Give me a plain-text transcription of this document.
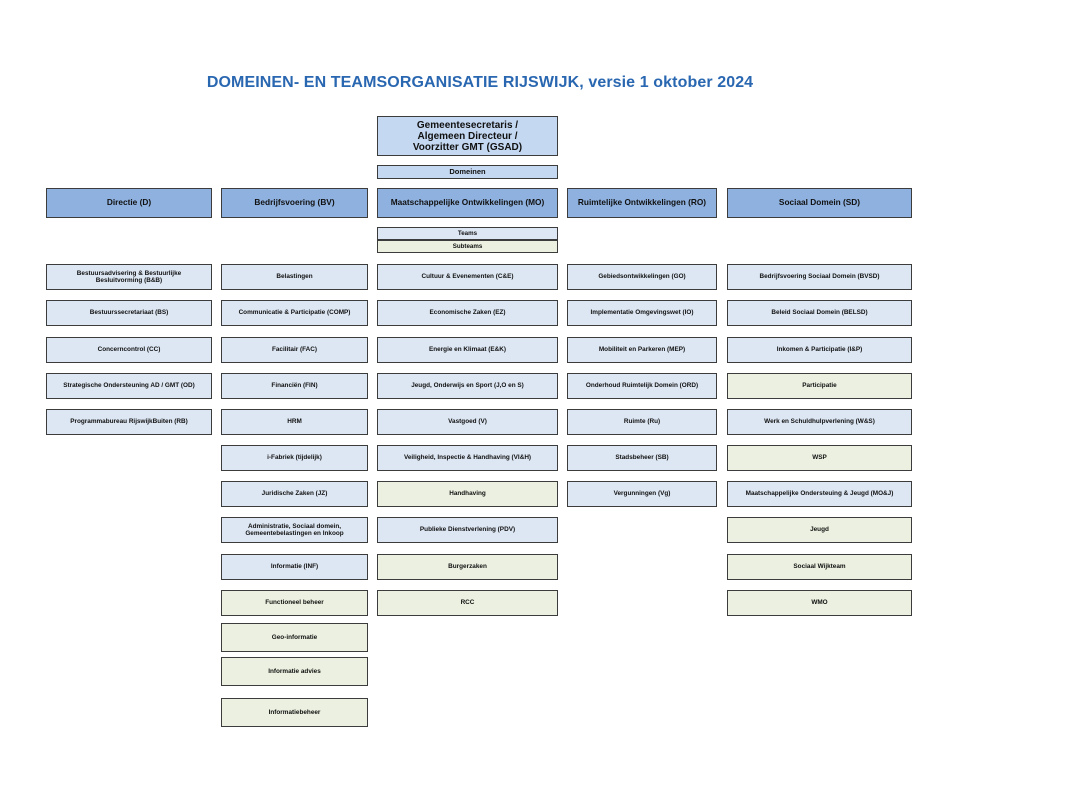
DOMEINEN- EN TEAMSORGANISATIE RIJSWIJK, versie 1 oktober 2024
Gemeentesecretaris /
Algemeen Directeur /
Voorzitter GMT (GSAD)
Domeinen
Teams
Subteams
Directie (D)
Bestuursadvisering & Bestuurlijke
Besluitvorming (B&B)
Bestuurssecretariaat (BS)
Concerncontrol (CC)
Strategische Ondersteuning AD / GMT (OD)
Programmabureau RijswijkBuiten (RB)
Bedrijfsvoering (BV)
Belastingen
Communicatie & Participatie (COMP)
Facilitair (FAC)
Financiën (FIN)
HRM
i-Fabriek (tijdelijk)
Juridische Zaken (JZ)
Administratie, Sociaal domein,
Gemeentebelastingen en Inkoop
Informatie (INF)
Functioneel beheer
Geo-informatie
Informatie advies
Informatiebeheer
Maatschappelijke Ontwikkelingen (MO)
Cultuur & Evenementen (C&E)
Economische Zaken (EZ)
Energie en Klimaat (E&K)
Jeugd, Onderwijs en Sport (J,O en S)
Vastgoed (V)
Veiligheid, Inspectie & Handhaving (VI&H)
Handhaving
Publieke Dienstverlening (PDV)
Burgerzaken
RCC
Ruimtelijke Ontwikkelingen (RO)
Gebiedsontwikkelingen (GO)
Implementatie Omgevingswet (IO)
Mobiliteit en Parkeren (MEP)
Onderhoud Ruimtelijk Domein (ORD)
Ruimte (Ru)
Stadsbeheer (SB)
Vergunningen (Vg)
Sociaal Domein (SD)
Bedrijfsvoering Sociaal Domein (BVSD)
Beleid Sociaal Domein (BELSD)
Inkomen & Participatie (I&P)
Participatie
Werk en Schuldhulpverlening (W&S)
WSP
Maatschappelijke Ondersteuing & Jeugd (MO&J)
Jeugd
Sociaal Wijkteam
WMO
